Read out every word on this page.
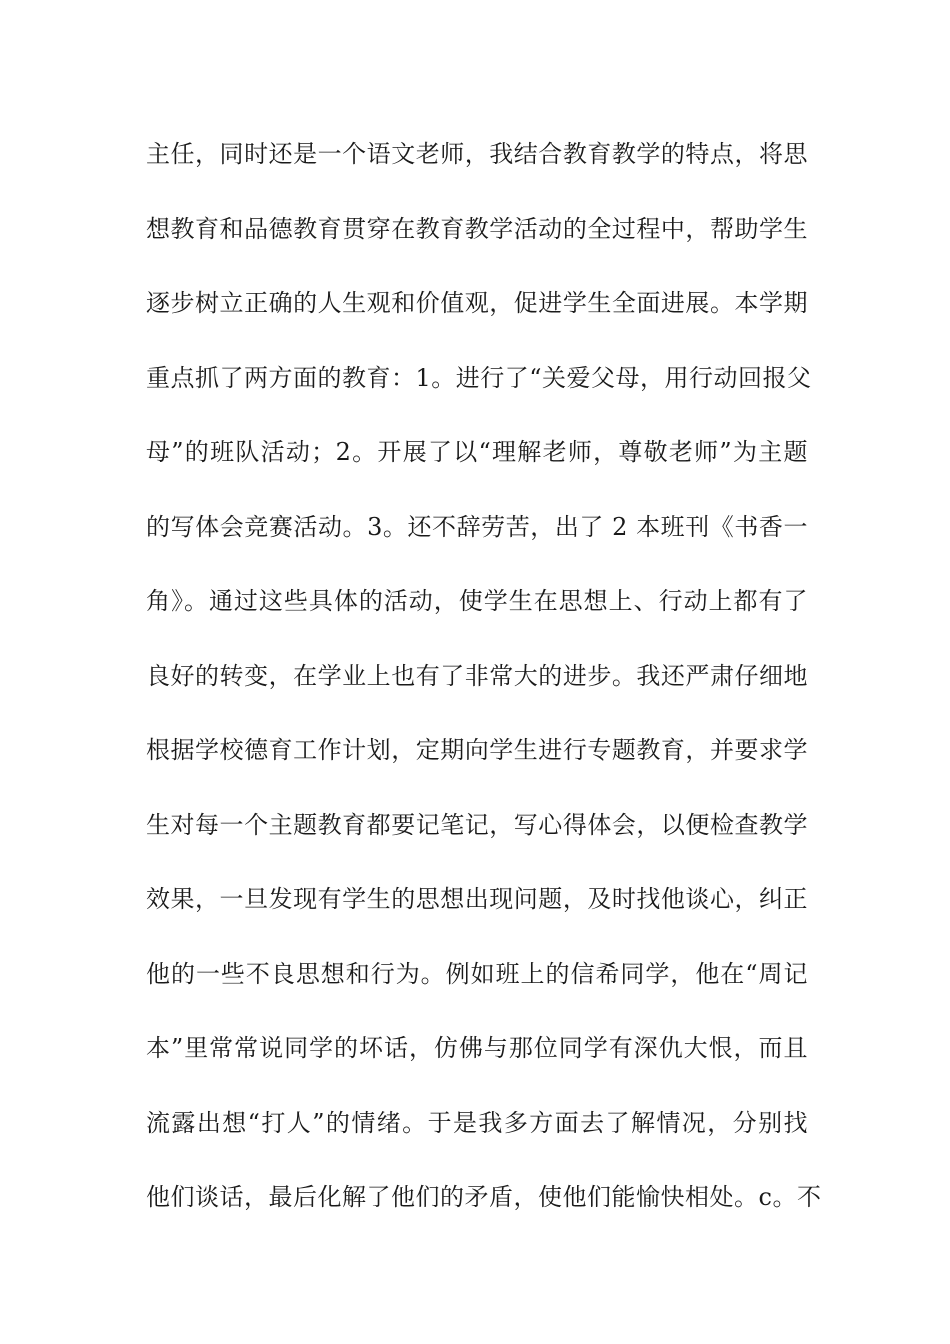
主任，同时还是一个语文老师，我结合教育教学的特点，将思
想教育和品德教育贯穿在教育教学活动的全过程中，帮助学生
逐步树立正确的人生观和价值观，促进学生全面进展。本学期
重点抓了两方面的教育：1。进行了“关爱父母，用行动回报父
母”的班队活动；2。开展了以“理解老师，尊敬老师”为主题
的写体会竞赛活动。3。还不辞劳苦，出了 2 本班刊《书香一
角》。通过这些具体的活动，使学生在思想上、行动上都有了
良好的转变，在学业上也有了非常大的进步。我还严肃仔细地
根据学校德育工作计划，定期向学生进行专题教育，并要求学
生对每一个主题教育都要记笔记，写心得体会，以便检查教学
效果，一旦发现有学生的思想出现问题，及时找他谈心，纠正
他的一些不良思想和行为。例如班上的信希同学，他在“周记
本”里常常说同学的坏话，仿佛与那位同学有深仇大恨，而且
流露出想“打人”的情绪。于是我多方面去了解情况，分别找
他们谈话，最后化解了他们的矛盾，使他们能愉快相处。c。不
